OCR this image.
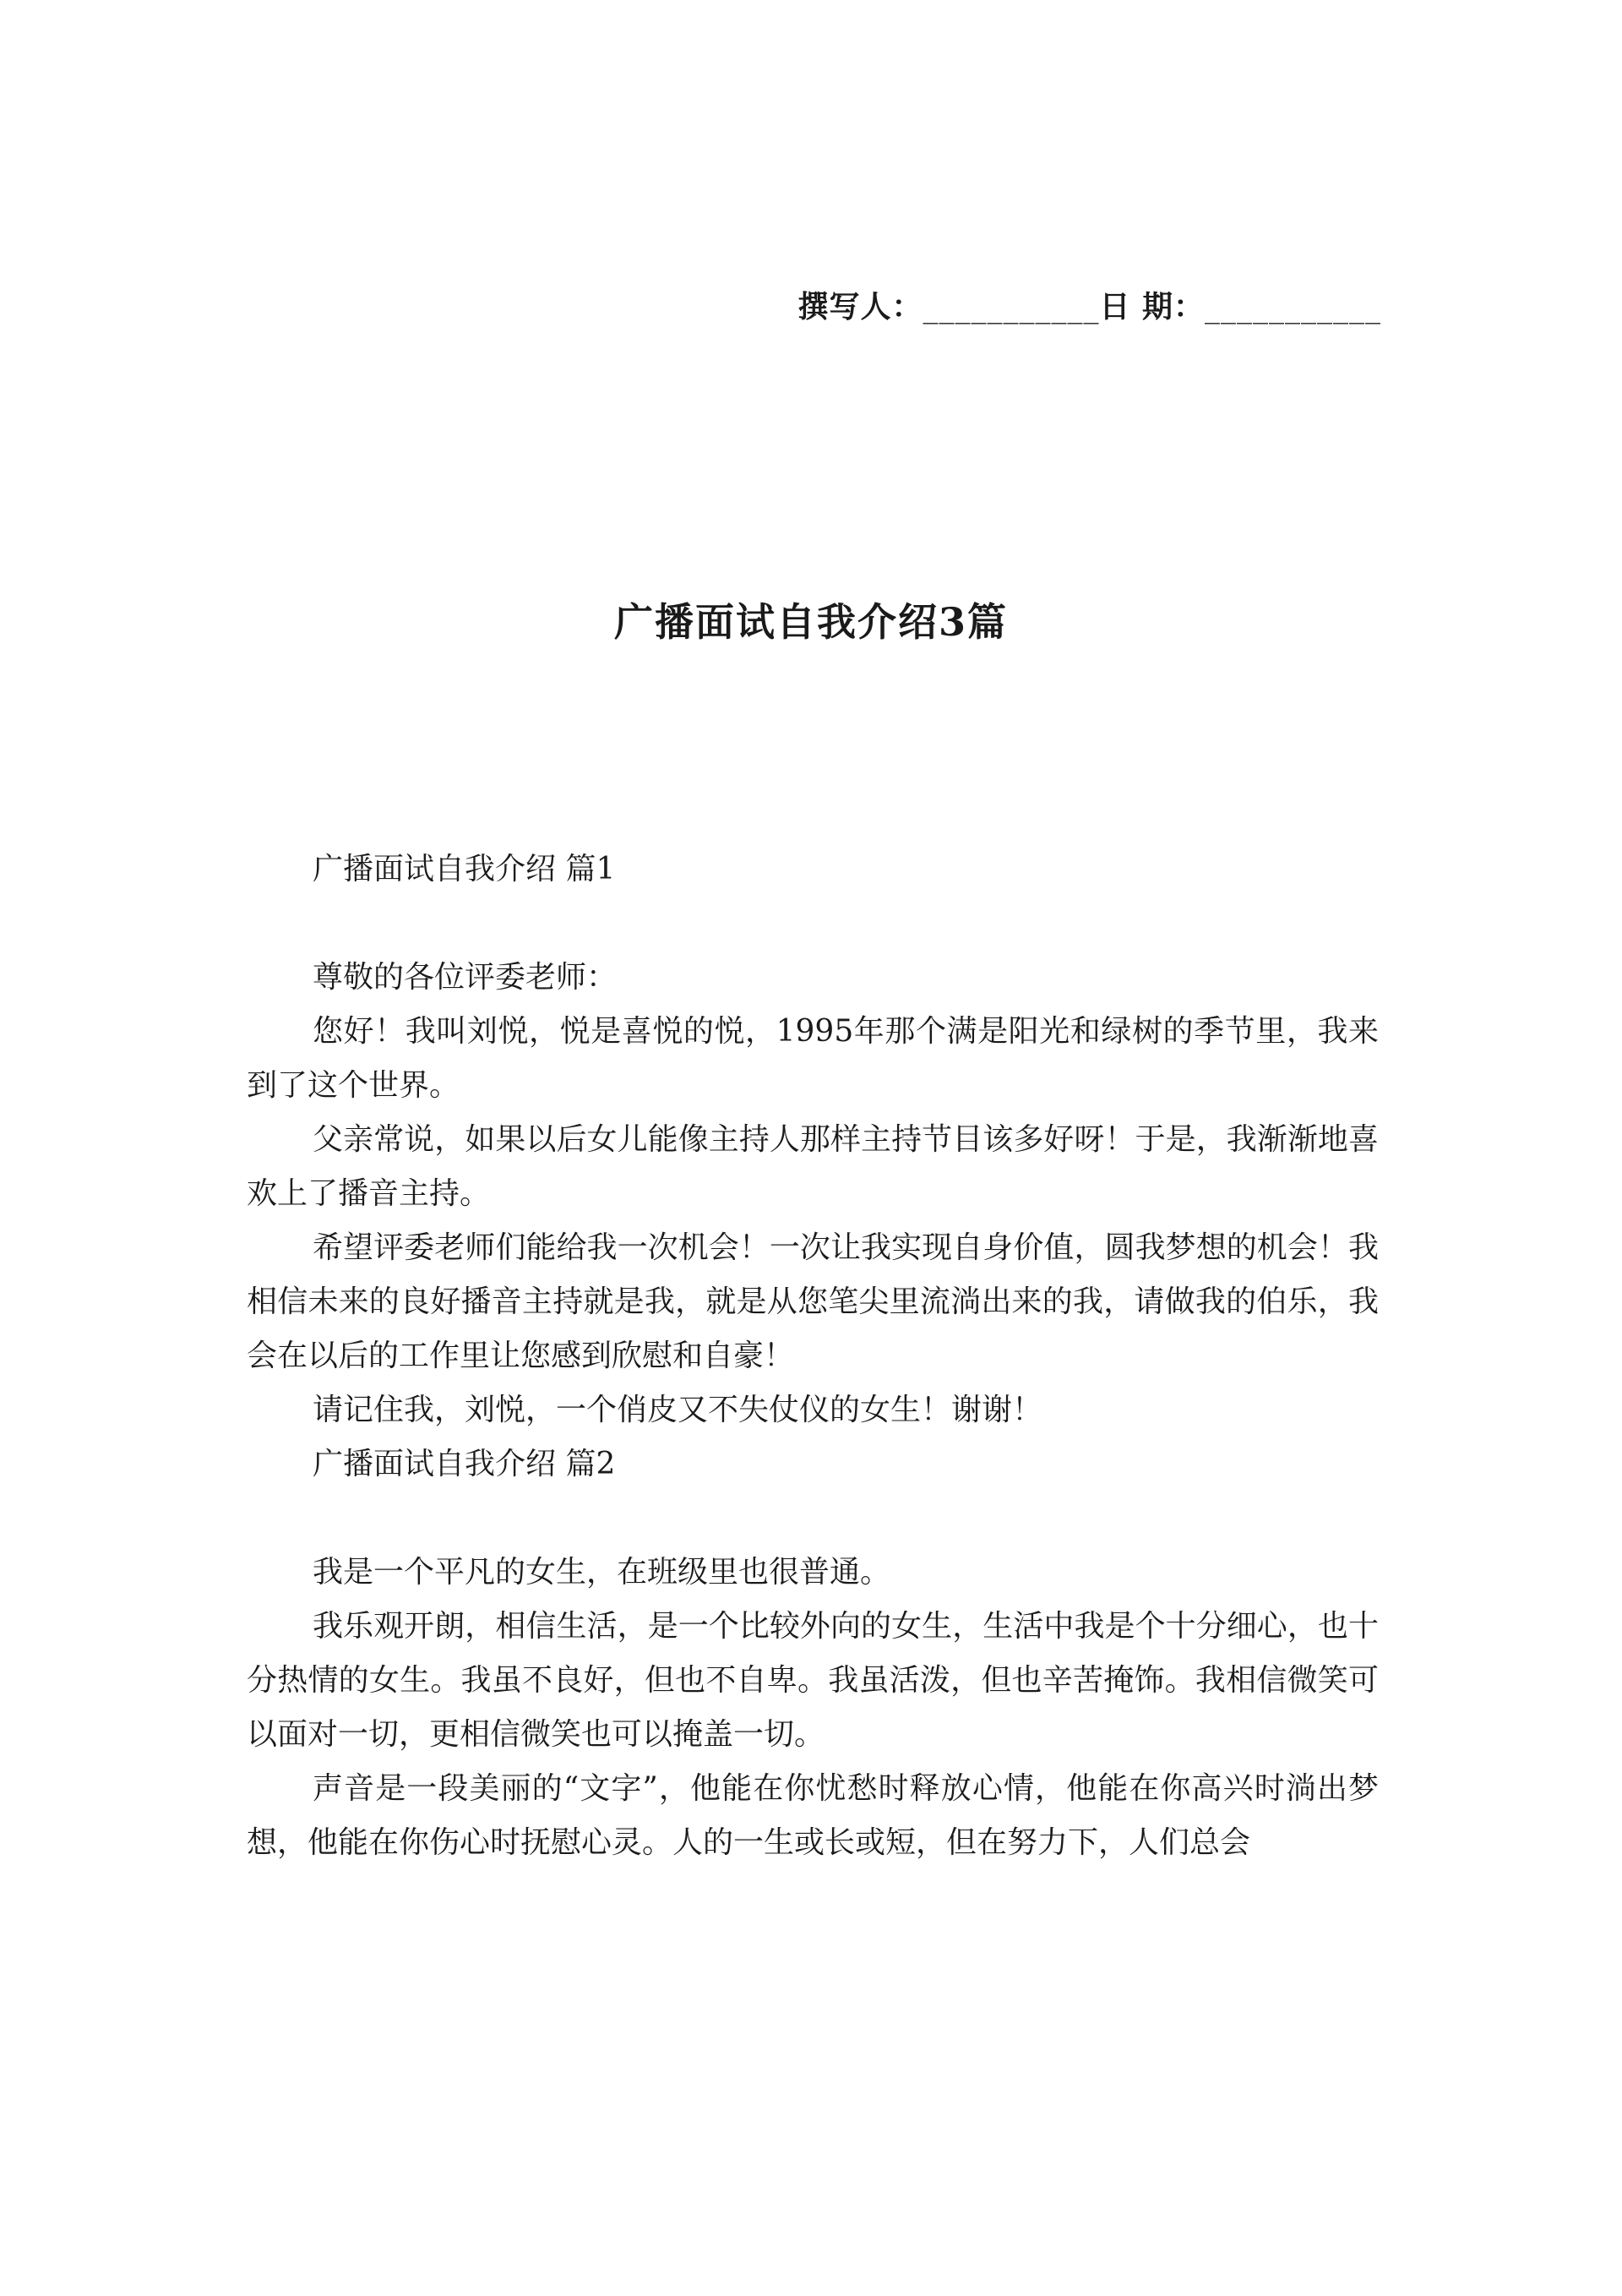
撰写人：___________日 期：___________
广播面试自我介绍3篇

广播面试自我介绍 篇1

尊敬的各位评委老师：

您好！我叫刘悦，悦是喜悦的悦，1995年那个满是阳光和绿树的季节里，我来到了这个世界。

父亲常说，如果以后女儿能像主持人那样主持节目该多好呀！于是，我渐渐地喜欢上了播音主持。

希望评委老师们能给我一次机会！一次让我实现自身价值，圆我梦想的机会！我相信未来的良好播音主持就是我，就是从您笔尖里流淌出来的我，请做我的伯乐，我会在以后的工作里让您感到欣慰和自豪！

请记住我，刘悦，一个俏皮又不失仗仪的女生！谢谢！

广播面试自我介绍 篇2

我是一个平凡的女生，在班级里也很普通。

我乐观开朗，相信生活，是一个比较外向的女生，生活中我是个十分细心，也十分热情的女生。我虽不良好，但也不自卑。我虽活泼，但也辛苦掩饰。我相信微笑可以面对一切，更相信微笑也可以掩盖一切。

声音是一段美丽的“文字”，他能在你忧愁时释放心情，他能在你高兴时淌出梦想，他能在你伤心时抚慰心灵。人的一生或长或短，但在努力下，人们总会
